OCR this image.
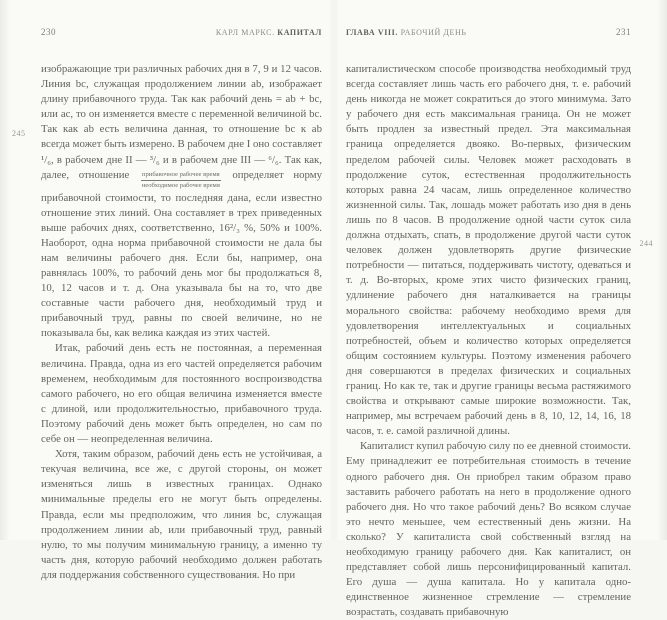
245
244
230	КАРЛ МАРКС. КАПИТАЛ

изображающие три различных рабочих дня в 7, 9 и 12 часов. Линия bc, служащая продолжением линии ab, изображает длину прибавочного труда. Так как рабочий день = ab + bc, или ac, то он изменяется вместе с переменной величиной bc. Так как ab есть величина данная, то отношение bc к ab всегда может быть измерено. В рабочем дне I оно составляет ¹/₆, в рабочем дне II — ³/₆ и в рабочем дне III — ⁶/₆. Так как, далее, отношение $\frac{\text{прибавочное рабочее время}}{\text{необходимое рабочее время}}$ определяет норму прибавочной стоимости, то последняя дана, если известно отношение этих линий. Она составляет в трех приведенных выше рабочих днях, соответственно, 16²/₃ %, 50% и 100%. Наоборот, одна норма прибавочной стоимости не дала бы нам величины рабочего дня. Если бы, например, она равнялась 100%, то рабочий день мог бы продолжаться 8, 10, 12 часов и т. д. Она указывала бы на то, что две составные части рабочего дня, необходимый труд и прибавочный труд, равны по своей величине, но не показывала бы, как велика каждая из этих частей.

Итак, рабочий день есть не постоянная, а переменная величина. Правда, одна из его частей определяется рабочим временем, необходимым для постоянного воспроизводства самого рабочего, но его общая величина изменяется вместе с длиной, или продолжительностью, прибавочного труда. Поэтому рабочий день может быть определен, но сам по себе он — неопределенная величина.

Хотя, таким образом, рабочий день есть не устойчивая, а текучая величина, все же, с другой стороны, он может изменяться лишь в известных границах. Однако минимальные пределы его не могут быть определены. Правда, если мы предположим, что линия bc, служащая продолжением линии ab, или прибавочный труд, равный нулю, то мы получим минимальную границу, а именно ту часть дня, которую рабочий необходимо должен работать для поддержания собственного существования. Но при

ГЛАВА VIII. РАБОЧИЙ ДЕНЬ	231

капиталистическом способе производства необходимый труд всегда составляет лишь часть его рабочего дня, т. е. рабочий день никогда не может сократиться до этого минимума. Зато у рабочего дня есть максимальная граница. Он не может быть продлен за известный предел. Эта максимальная граница определяется двояко. Во-первых, физическим пределом рабочей силы. Человек может расходовать в продолжение суток, естественная продолжительность которых равна 24 часам, лишь определенное количество жизненной силы. Так, лошадь может работать изо дня в день лишь по 8 часов. В продолжение одной части суток сила должна отдыхать, спать, в продолжение другой части суток человек должен удовлетворять другие физические потребности — питаться, поддерживать чистоту, одеваться и т. д. Во-вторых, кроме этих чисто физических границ, удлинение рабочего дня наталкивается на границы морального свойства: рабочему необходимо время для удовлетворения интеллектуальных и социальных потребностей, объем и количество которых определяется общим состоянием культуры. Поэтому изменения рабочего дня совершаются в пределах физических и социальных границ. Но как те, так и другие границы весьма растяжимого свойства и открывают самые широкие возможности. Так, например, мы встречаем рабочий день в 8, 10, 12, 14, 16, 18 часов, т. е. самой различной длины.

Капиталист купил рабочую силу по ее дневной стоимости. Ему принадлежит ее потребительная стоимость в течение одного рабочего дня. Он приобрел таким образом право заставить рабочего работать на него в продолжение одного рабочего дня. Но что такое рабочий день? Во всяком случае это нечто меньшее, чем естественный день жизни. На сколько? У капиталиста свой собственный взгляд на необходимую границу рабочего дня. Как капиталист, он представляет собой лишь персонифицированный капитал. Его душа — душа капитала. Но у капитала одно-единственное жизненное стремление — стремление возрастать, создавать прибавочную
